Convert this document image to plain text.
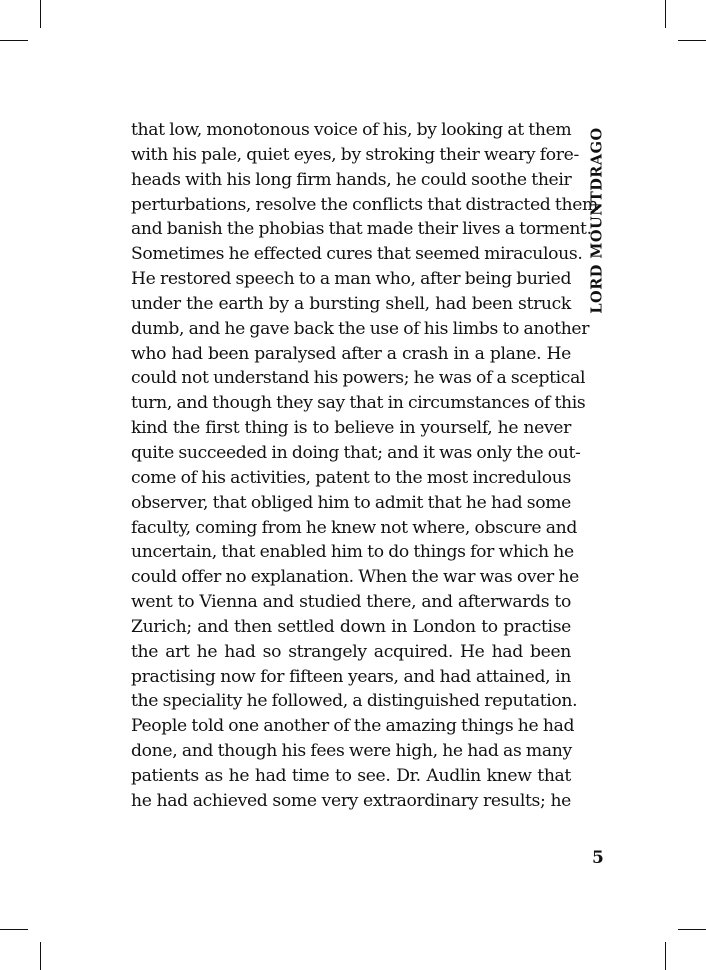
LORD MOUNTDRAGO
that low, monotonous voice of his, by looking at them
with his pale, quiet eyes, by stroking their weary fore-
heads with his long firm hands, he could soothe their
perturbations, resolve the conflicts that distracted them
and banish the phobias that made their lives a torment.
Sometimes he effected cures that seemed miraculous.
He restored speech to a man who, after being buried
under the earth by a bursting shell, had been struck
dumb, and he gave back the use of his limbs to another
who had been paralysed after a crash in a plane. He
could not understand his powers; he was of a sceptical
turn, and though they say that in circumstances of this
kind the first thing is to believe in yourself, he never
quite succeeded in doing that; and it was only the out-
come of his activities, patent to the most incredulous
observer, that obliged him to admit that he had some
faculty, coming from he knew not where, obscure and
uncertain, that enabled him to do things for which he
could offer no explanation. When the war was over he
went to Vienna and studied there, and afterwards to
Zurich; and then settled down in London to practise
the art he had so strangely acquired. He had been
practising now for fifteen years, and had attained, in
the speciality he followed, a distinguished reputation.
People told one another of the amazing things he had
done, and though his fees were high, he had as many
patients as he had time to see. Dr. Audlin knew that
he had achieved some very extraordinary results; he
5
